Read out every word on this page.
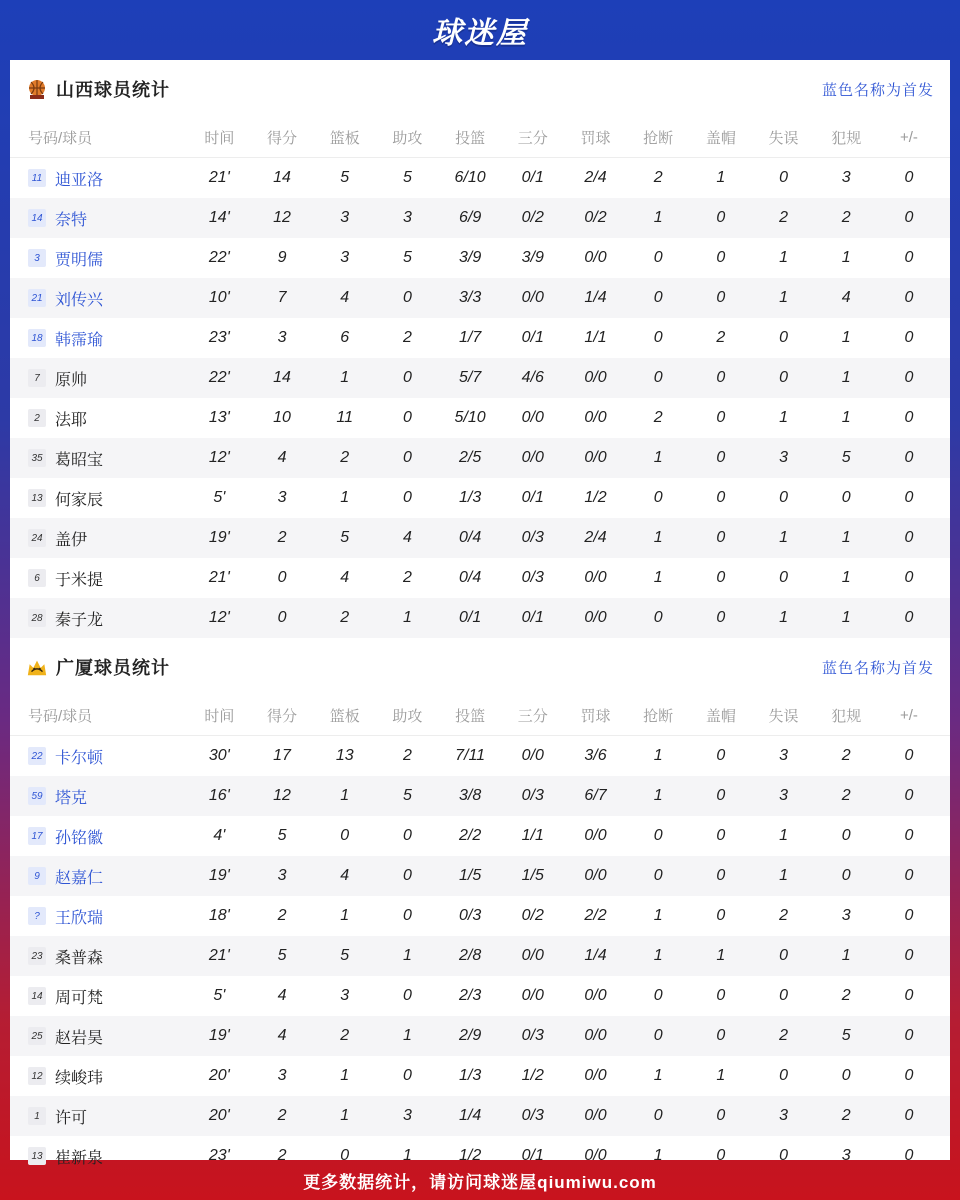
球迷屋
山西球员统计	蓝色名称为首发
号码/球员	时间	得分	篮板	助攻	投篮	三分	罚球	抢断	盖帽	失误	犯规	+/-
11 迪亚洛	21'	14	5	5	6/10	0/1	2/4	2	1	0	3	0
14 奈特	14'	12	3	3	6/9	0/2	0/2	1	0	2	2	0
3 贾明儒	22'	9	3	5	3/9	3/9	0/0	0	0	1	1	0
21 刘传兴	10'	7	4	0	3/3	0/0	1/4	0	0	1	4	0
18 韩霈瑜	23'	3	6	2	1/7	0/1	1/1	0	2	0	1	0
7 原帅	22'	14	1	0	5/7	4/6	0/0	0	0	0	1	0
2 法耶	13'	10	11	0	5/10	0/0	0/0	2	0	1	1	0
35 葛昭宝	12'	4	2	0	2/5	0/0	0/0	1	0	3	5	0
13 何家辰	5'	3	1	0	1/3	0/1	1/2	0	0	0	0	0
24 盖伊	19'	2	5	4	0/4	0/3	2/4	1	0	1	1	0
6 于米提	21'	0	4	2	0/4	0/3	0/0	1	0	0	1	0
28 秦子龙	12'	0	2	1	0/1	0/1	0/0	0	0	1	1	0
广厦球员统计	蓝色名称为首发
号码/球员	时间	得分	篮板	助攻	投篮	三分	罚球	抢断	盖帽	失误	犯规	+/-
22 卡尔顿	30'	17	13	2	7/11	0/0	3/6	1	0	3	2	0
59 塔克	16'	12	1	5	3/8	0/3	6/7	1	0	3	2	0
17 孙铭徽	4'	5	0	0	2/2	1/1	0/0	0	0	1	0	0
9 赵嘉仁	19'	3	4	0	1/5	1/5	0/0	0	0	1	0	0
? 王欣瑞	18'	2	1	0	0/3	0/2	2/2	1	0	2	3	0
23 桑普森	21'	5	5	1	2/8	0/0	1/4	1	1	0	1	0
14 周可梵	5'	4	3	0	2/3	0/0	0/0	0	0	0	2	0
25 赵岩昊	19'	4	2	1	2/9	0/3	0/0	0	0	2	5	0
12 续峻玮	20'	3	1	0	1/3	1/2	0/0	1	1	0	0	0
1 许可	20'	2	1	3	1/4	0/3	0/0	0	0	3	2	0
13 崔新泉	23'	2	0	1	1/2	0/1	0/0	1	0	0	3	0
更多数据统计，请访问球迷屋qiumiwu.com
